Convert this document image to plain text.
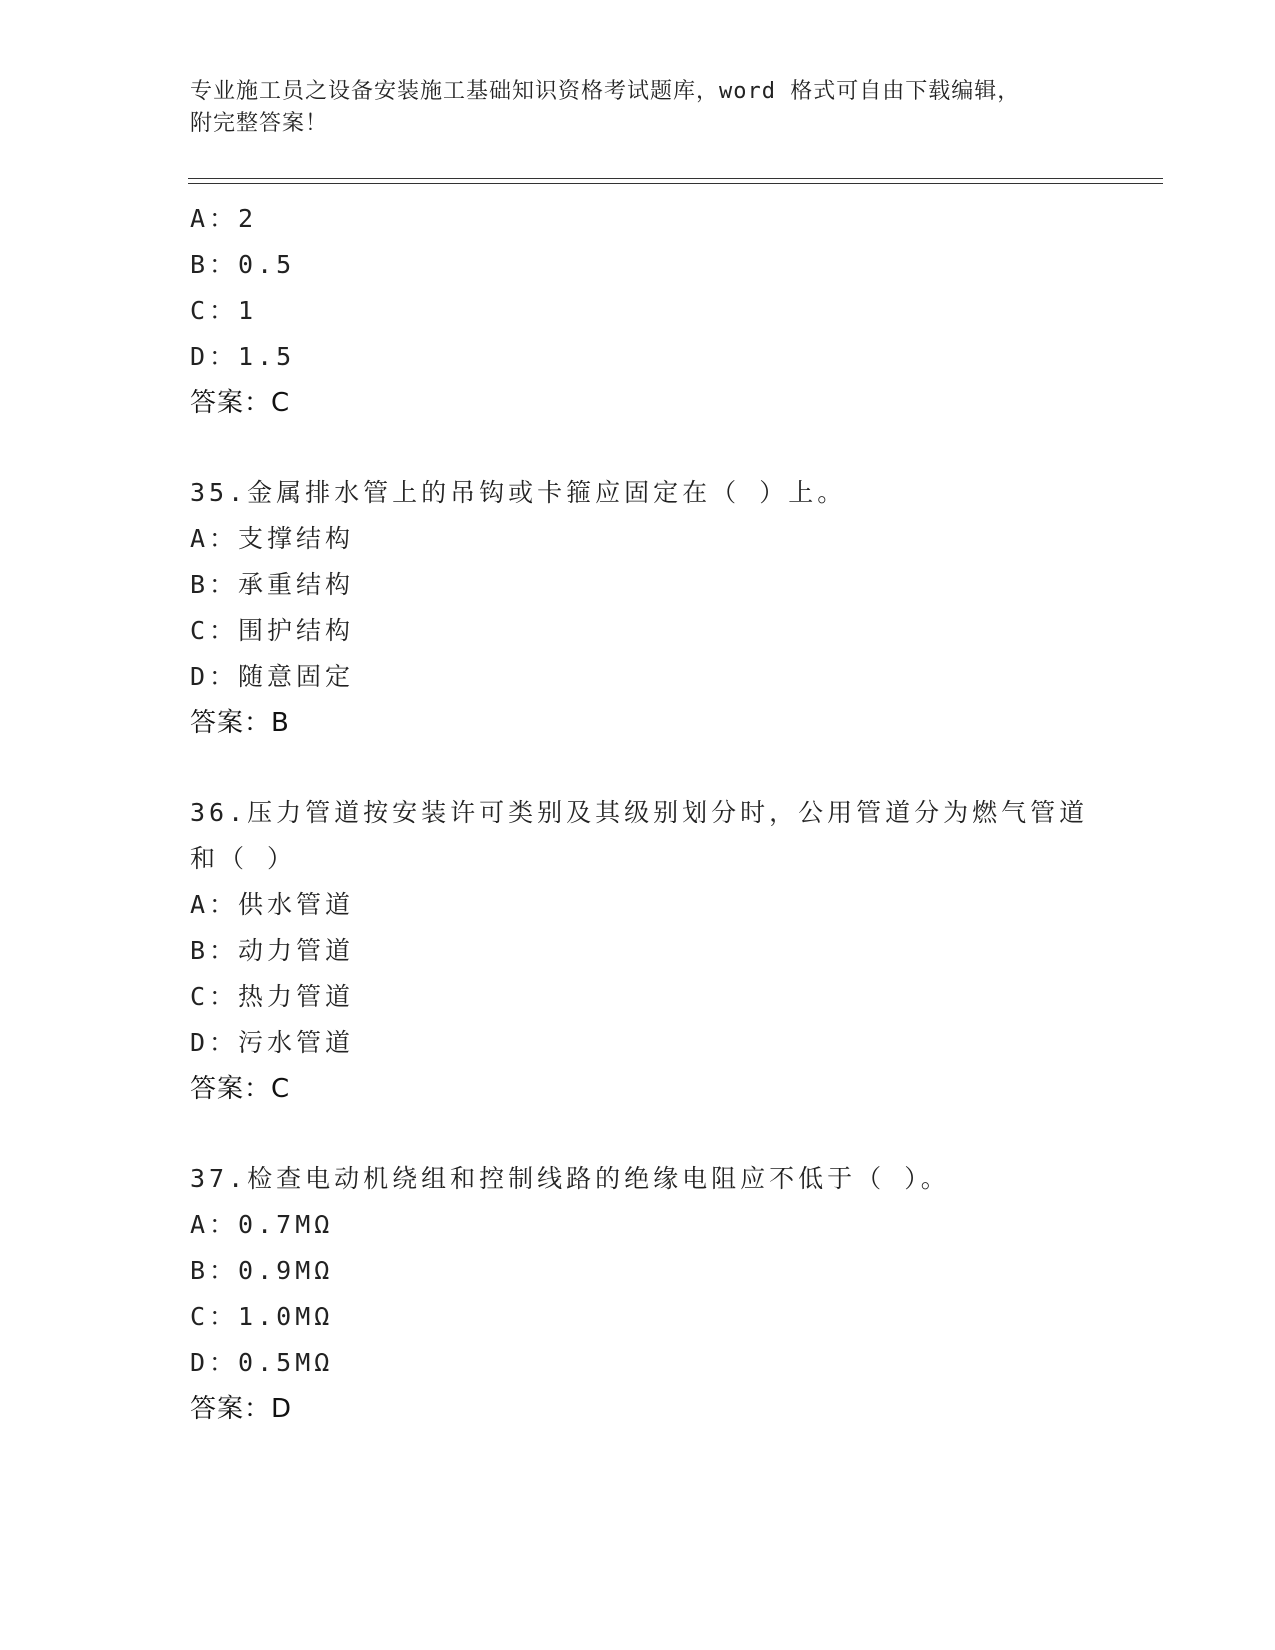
专业施工员之设备安装施工基础知识资格考试题库，word 格式可自由下载编辑，
附完整答案！
A：2
B：0.5
C：1
D：1.5
答案：C
35.金属排水管上的吊钩或卡箍应固定在（ ）上。
A：支撑结构
B：承重结构
C：围护结构
D：随意固定
答案：B
36.压力管道按安装许可类别及其级别划分时，公用管道分为燃气管道
和（ ）
A：供水管道
B：动力管道
C：热力管道
D：污水管道
答案：C
37.检查电动机绕组和控制线路的绝缘电阻应不低于（ ）。
A：0.7MΩ
B：0.9MΩ
C：1.0MΩ
D：0.5MΩ
答案：D
